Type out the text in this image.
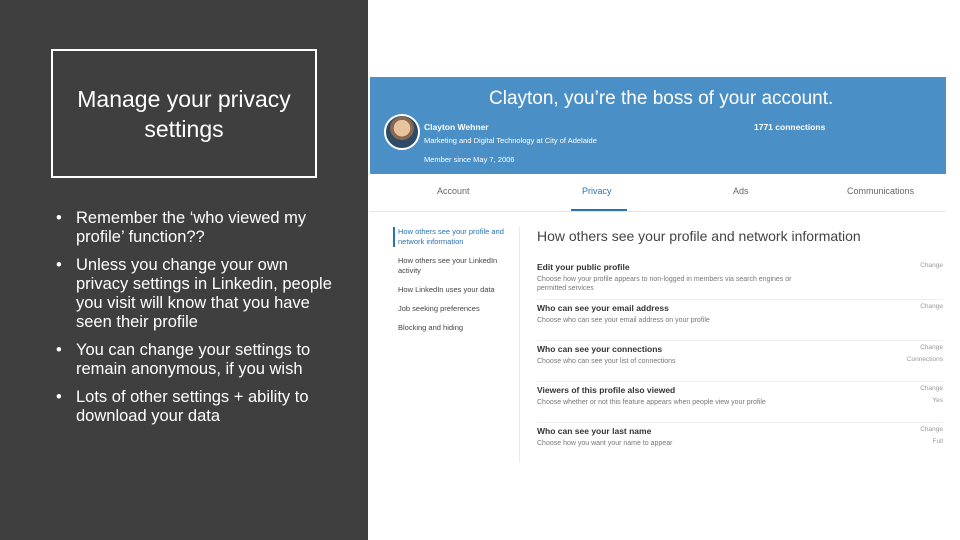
Manage your privacy settings
• Remember the ‘who viewed my profile’ function??
• Unless you change your own privacy settings in Linkedin, people you visit will know that you have seen their profile
• You can change your settings to remain anonymous, if you wish
• Lots of other settings + ability to download your data
Clayton, you’re the boss of your account.
Clayton Wehner
Marketing and Digital Technology at City of Adelaide
Member since May 7, 2006
1771 connections
Account	Privacy	Ads	Communications
How others see your profile and network information
How others see your LinkedIn activity
How LinkedIn uses your data
Job seeking preferences
Blocking and hiding
How others see your profile and network information
Edit your public profile
Choose how your profile appears to non-logged in members via search engines or permitted services
Change
Who can see your email address
Choose who can see your email address on your profile
Change
Who can see your connections
Choose who can see your list of connections
Change
Connections
Viewers of this profile also viewed
Choose whether or not this feature appears when people view your profile
Change
Yes
Who can see your last name
Choose how you want your name to appear
Change
Full
